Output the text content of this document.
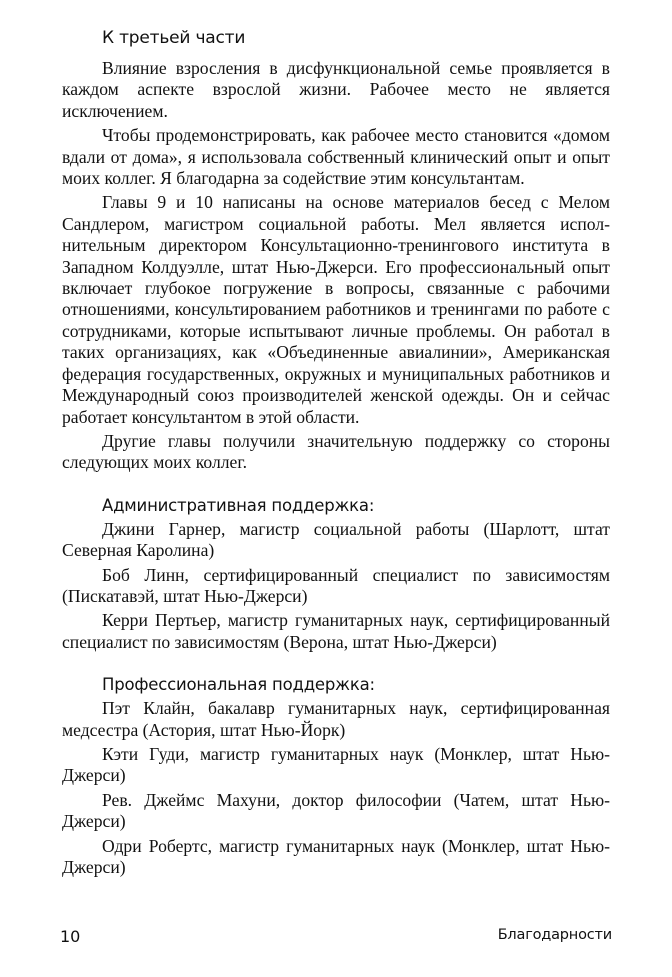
К третьей части

Влияние взросления в дисфункциональной семье проявляется в каждом аспекте взрослой жизни. Рабочее место не является исключением.

Чтобы продемонстрировать, как рабочее место становится «домом вдали от дома», я использовала собственный клинический опыт и опыт моих коллег. Я благодарна за содействие этим консультантам.

Главы 9 и 10 написаны на основе материалов бесед с Мелом Сандлером, магистром социальной работы. Мел является исполнительным директором Консультационно-тренингового института в Западном Колдуэлле, штат Нью-Джерси. Его профессиональный опыт включает глубокое погружение в вопросы, связанные с рабочими отношениями, консультированием работников и тренингами по работе с сотрудниками, которые испытывают личные проблемы. Он работал в таких организациях, как «Объединенные авиалинии», Американская федерация государственных, окружных и муниципальных работников и Международный союз производителей женской одежды. Он и сейчас работает консультантом в этой области.

Другие главы получили значительную поддержку со стороны следующих моих коллег.

Административная поддержка:

Джини Гарнер, магистр социальной работы (Шарлотт, штат Северная Каролина)

Боб Линн, сертифицированный специалист по зависимостям (Пискатавэй, штат Нью-Джерси)

Керри Пертьер, магистр гуманитарных наук, сертифицированный специалист по зависимостям (Верона, штат Нью-Джерси)

Профессиональная поддержка:

Пэт Клайн, бакалавр гуманитарных наук, сертифицированная медсестра (Астория, штат Нью-Йорк)

Кэти Гуди, магистр гуманитарных наук (Монклер, штат Нью-Джерси)

Рев. Джеймс Махуни, доктор философии (Чатем, штат Нью-Джерси)

Одри Робертс, магистр гуманитарных наук (Монклер, штат Нью-Джерси)

10	Благодарности
